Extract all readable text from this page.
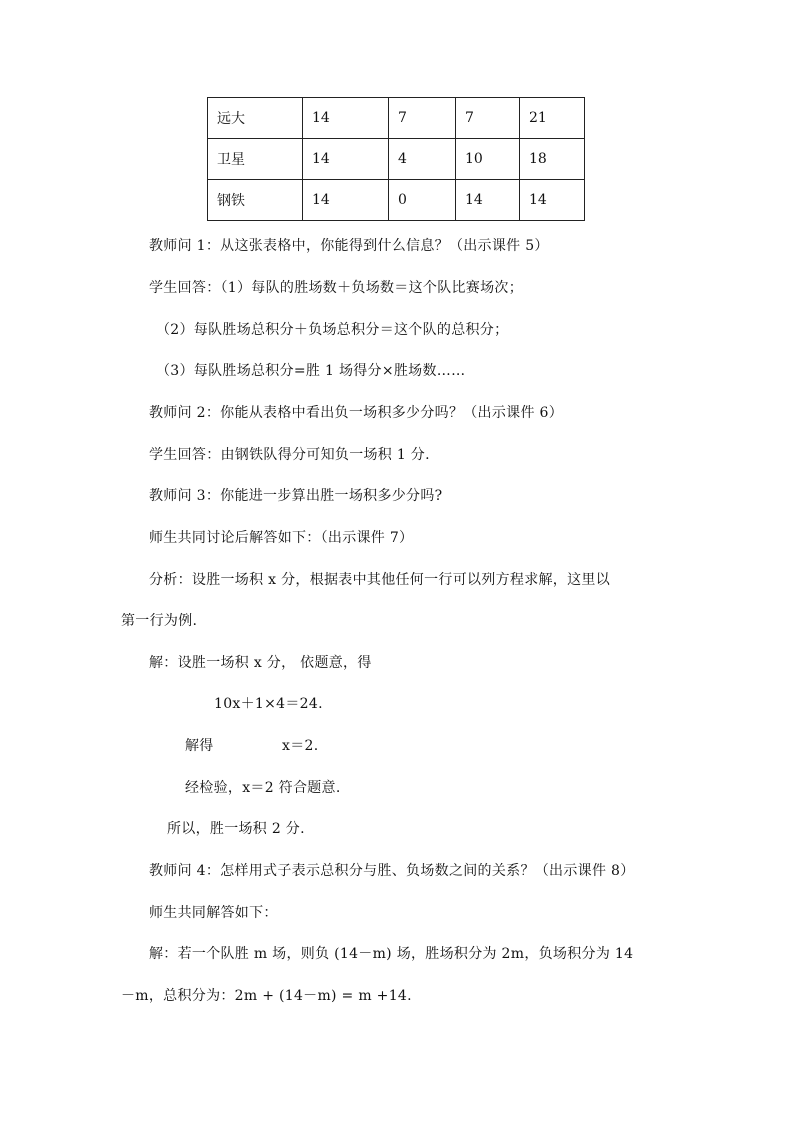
远大	14	7	7	21
卫星	14	4	10	18
钢铁	14	0	14	14
教师问 1：从这张表格中，你能得到什么信息？（出示课件 5）
学生回答：（1）每队的胜场数＋负场数＝这个队比赛场次；
（2）每队胜场总积分＋负场总积分＝这个队的总积分；
（3）每队胜场总积分=胜 1 场得分×胜场数……
教师问 2：你能从表格中看出负一场积多少分吗？（出示课件 6）
学生回答：由钢铁队得分可知负一场积 1 分.
教师问 3：你能进一步算出胜一场积多少分吗?
师生共同讨论后解答如下：（出示课件 7）
分析：设胜一场积 x 分，根据表中其他任何一行可以列方程求解，这里以
第一行为例.
解：设胜一场积 x 分， 依题意，得
10x＋1×4＝24.
解得	x＝2.
经检验，x＝2 符合题意.
所以，胜一场积 2 分.
教师问 4：怎样用式子表示总积分与胜、负场数之间的关系？（出示课件 8）
师生共同解答如下：
解：若一个队胜 m 场，则负 (14－m) 场，胜场积分为 2m，负场积分为 14
－m，总积分为：2m + (14－m) = m +14.
